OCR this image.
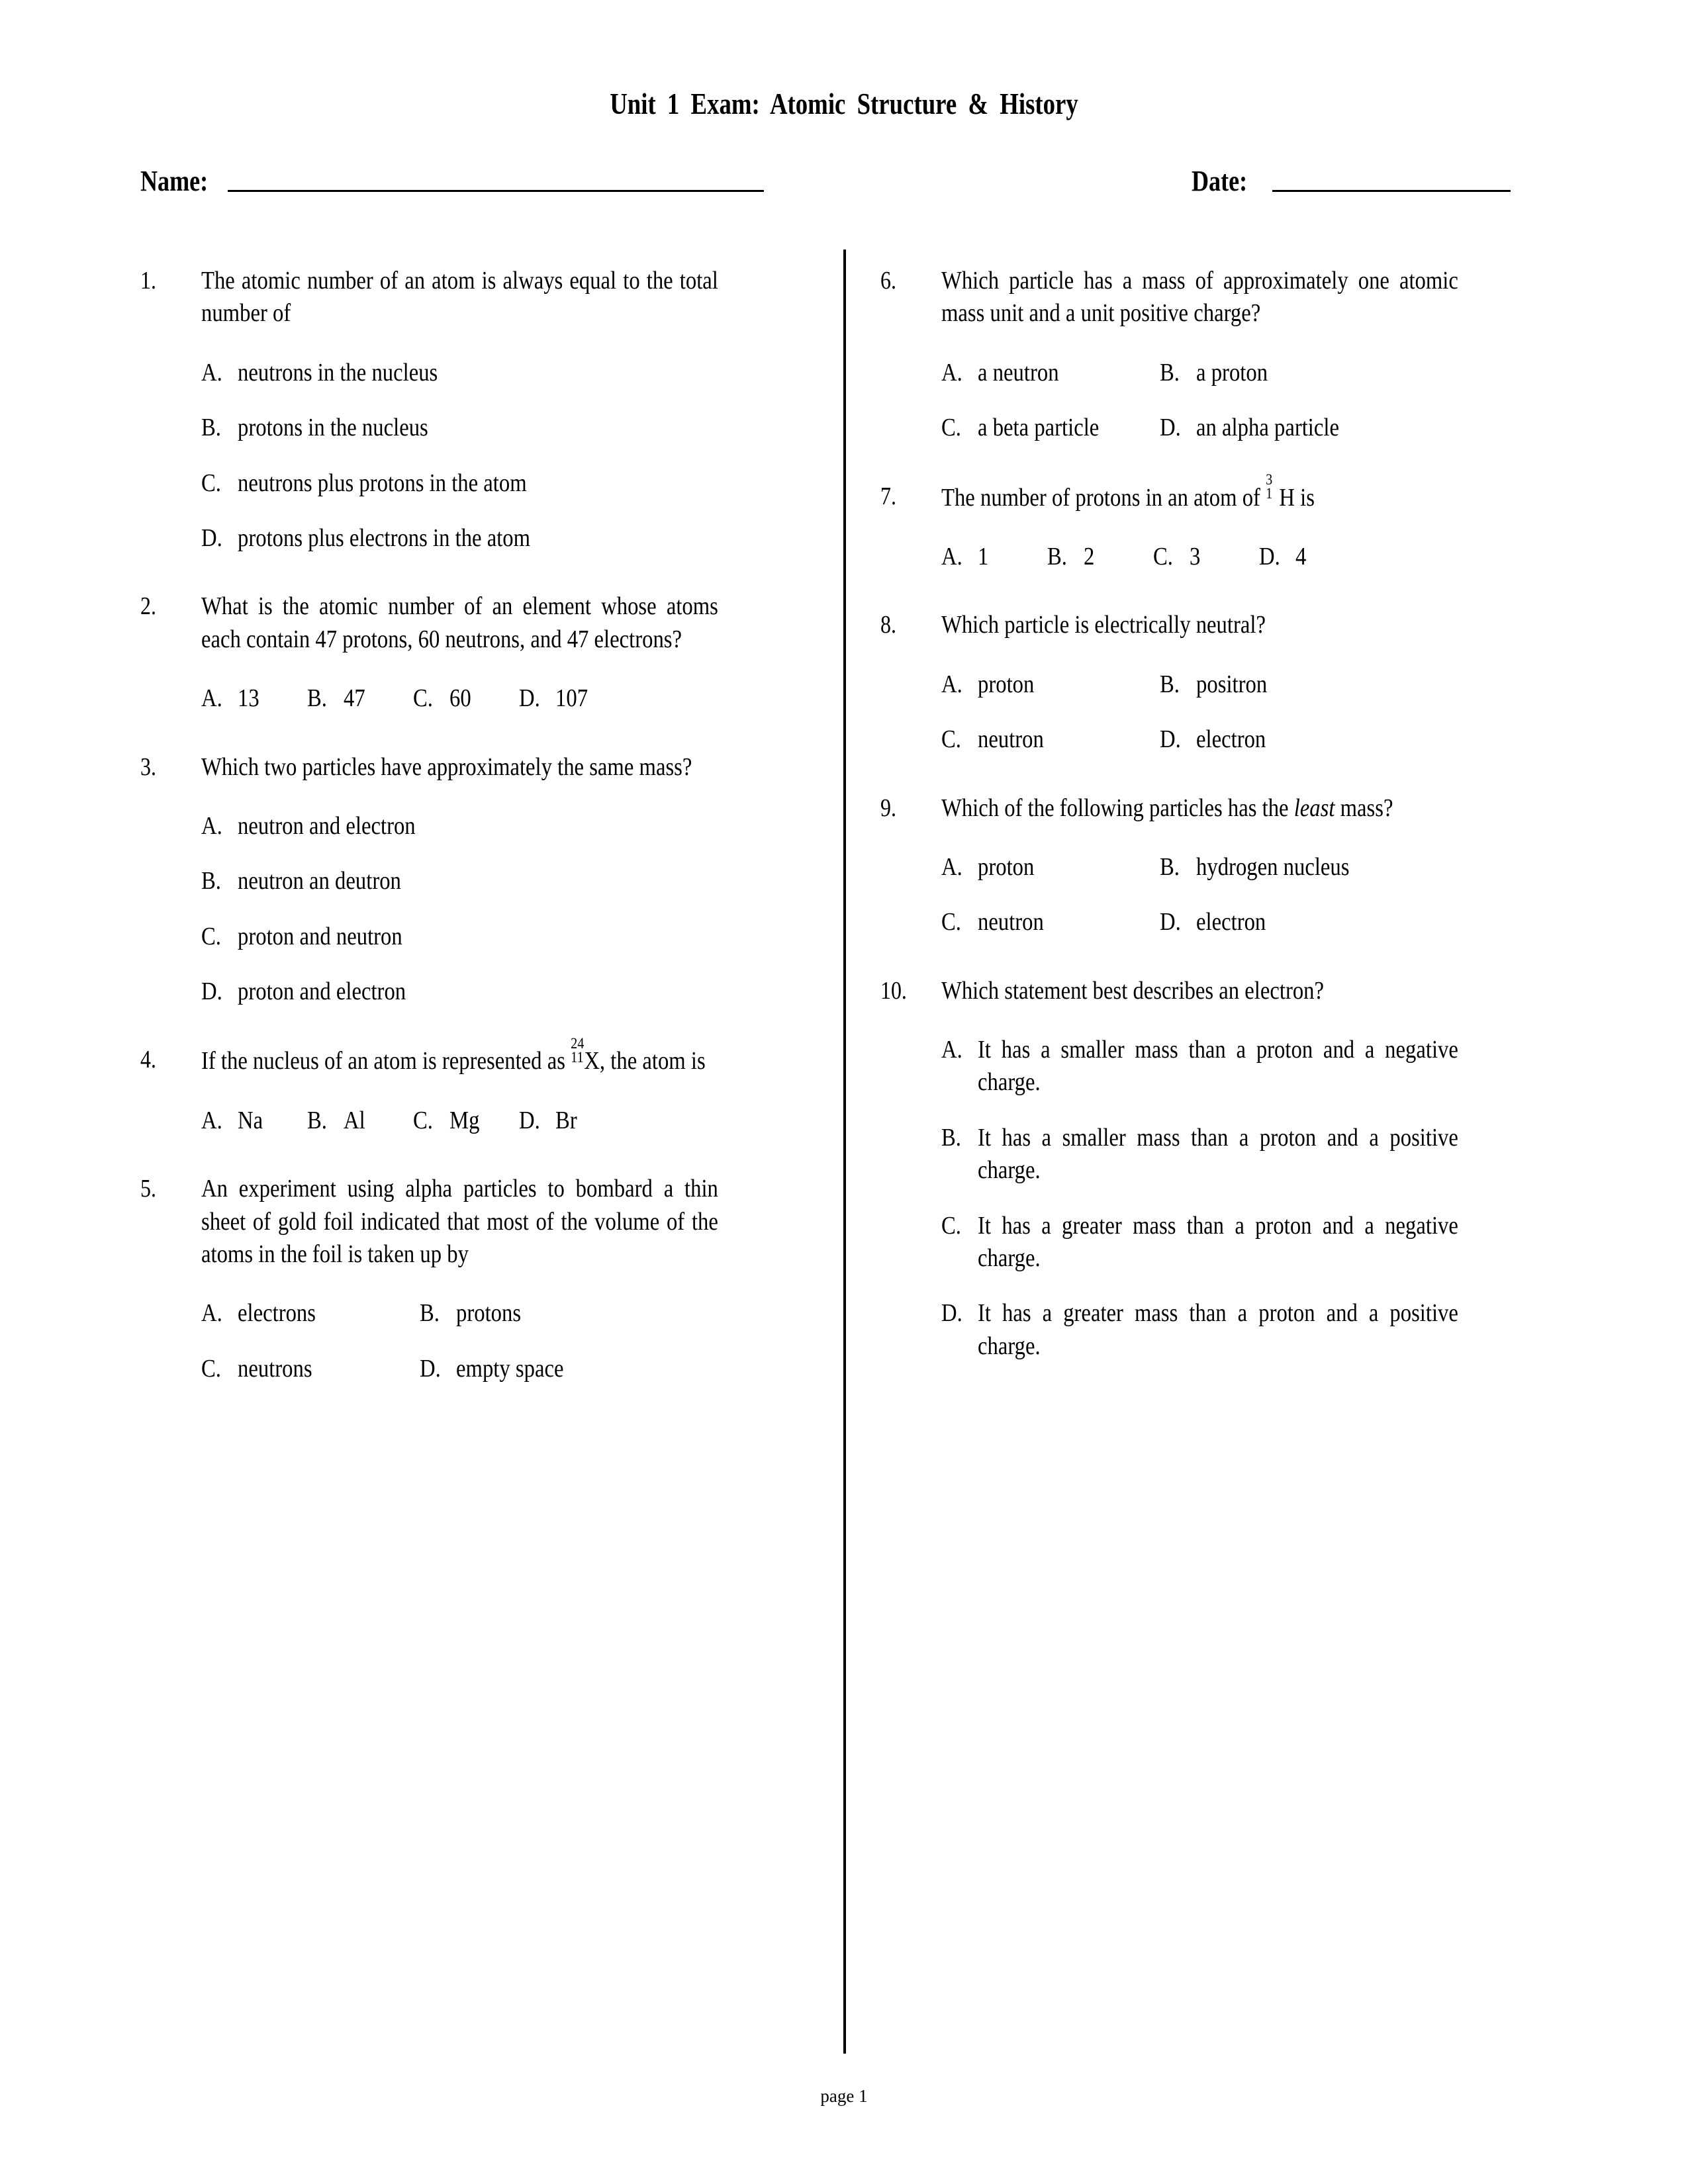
Unit 1 Exam: Atomic Structure & History
Name:	Date:
1.	The atomic number of an atom is always equal to the total number of
A. neutrons in the nucleus
B. protons in the nucleus
C. neutrons plus protons in the atom
D. protons plus electrons in the atom
2.	What is the atomic number of an element whose atoms each contain 47 protons, 60 neutrons, and 47 electrons?
A. 13	B. 47	C. 60	D. 107
3.	Which two particles have approximately the same mass?
A. neutron and electron
B. neutron an deutron
C. proton and neutron
D. proton and electron
4.	If the nucleus of an atom is represented as
24
11 X, the atom is
A. Na	B. Al	C. Mg	D. Br
5.	An experiment using alpha particles to bombard a thin sheet of gold foil indicated that most of the volume of the atoms in the foil is taken up by
A. electrons	B. protons
C. neutrons	D. empty space
6.	Which particle has a mass of approximately one atomic mass unit and a unit positive charge?
A. a neutron	B. a proton
C. a beta particle	D. an alpha particle
7.	The number of protons in an atom of
3
1 H is
A. 1	B. 2	C. 3	D. 4
8.	Which particle is electrically neutral?
A. proton	B. positron
C. neutron	D. electron
9.	Which of the following particles has the least mass?
A. proton	B. hydrogen nucleus
C. neutron	D. electron
10.	Which statement best describes an electron?
A. It has a smaller mass than a proton and a negative charge.
B. It has a smaller mass than a proton and a positive charge.
C. It has a greater mass than a proton and a negative charge.
D. It has a greater mass than a proton and a positive charge.
page 1
